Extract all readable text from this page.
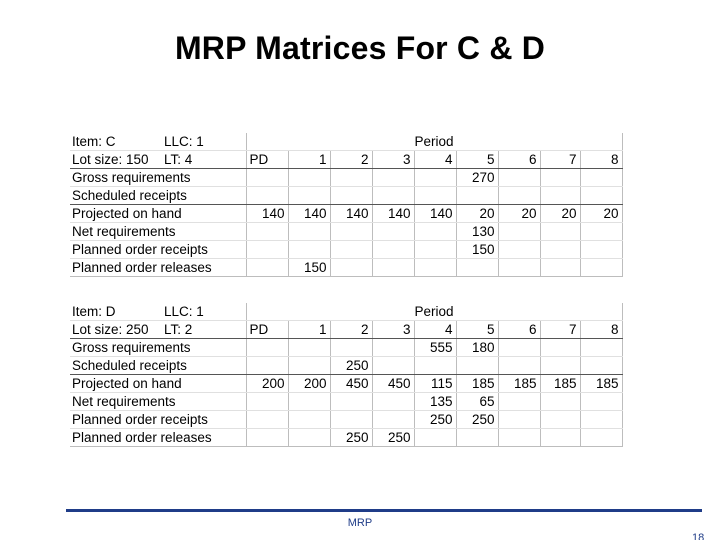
MRP Matrices For C & D
Item: C LLC: 1	Period								

Lot size: 150 LT: 4	PD	1	2	3	4	5	6	7	8
Gross requirements						270			
Scheduled receipts									
Projected on hand	140	140	140	140	140	20	20	20	20
Net requirements						130			
Planned order receipts						150			
Planned order releases		150							
Item: D LLC: 1	Period								

Lot size: 250 LT: 2	PD	1	2	3	4	5	6	7	8
Gross requirements					555	180			
Scheduled receipts			250						
Projected on hand	200	200	450	450	115	185	185	185	185
Net requirements					135	65			
Planned order receipts					250	250			
Planned order releases			250	250					
MRP
18
